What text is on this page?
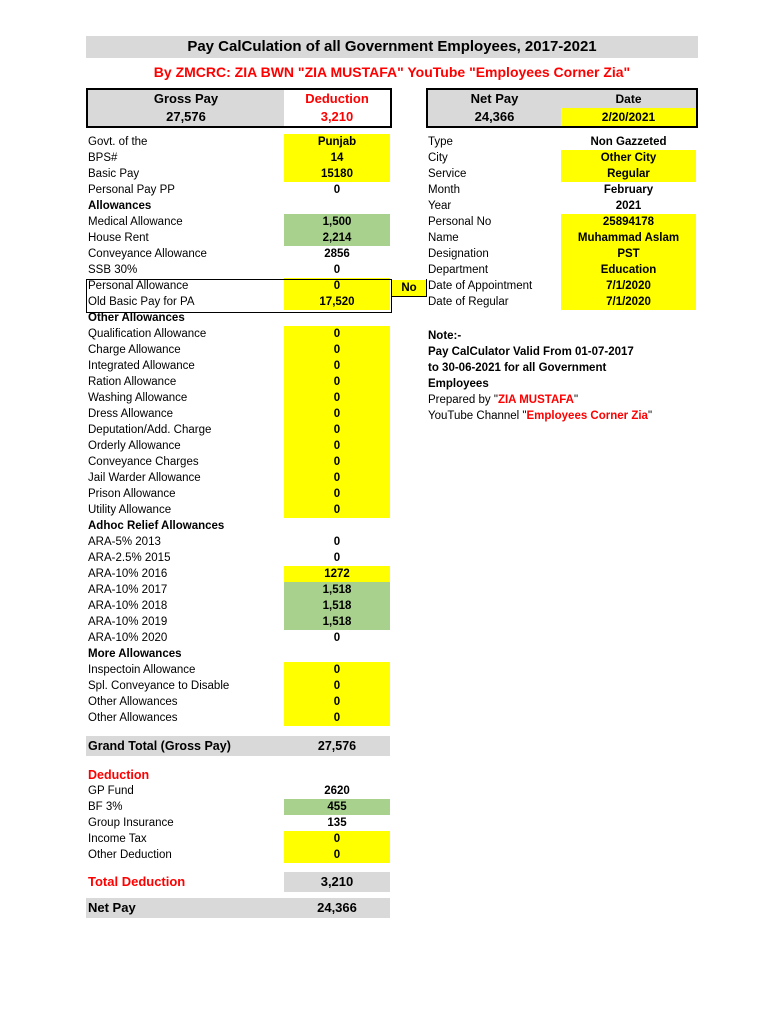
Pay CalCulation of all Government Employees, 2017-2021
By ZMCRC: ZIA BWN "ZIA MUSTAFA" YouTube "Employees Corner Zia"
Gross Pay	Deduction
27,576	3,210
Net Pay	Date
24,366	2/20/2021
Govt. of the	Punjab
BPS#	14
Basic Pay	15180
Personal Pay PP	0
Allowances
Medical Allowance	1,500
House Rent	2,214
Conveyance Allowance	2856
SSB 30%	0
Personal Allowance	0
Old Basic Pay for PA	17,520
Other Allowances
Qualification Allowance	0
Charge Allowance	0
Integrated Allowance	0
Ration Allowance	0
Washing Allowance	0
Dress Allowance	0
Deputation/Add. Charge	0
Orderly Allowance	0
Conveyance Charges	0
Jail Warder Allowance	0
Prison Allowance	0
Utility Allowance	0
Adhoc Relief Allowances
ARA-5% 2013	0
ARA-2.5% 2015	0
ARA-10% 2016	1272
ARA-10% 2017	1,518
ARA-10% 2018	1,518
ARA-10% 2019	1,518
ARA-10% 2020	0
More Allowances
Inspectoin Allowance	0
Spl. Conveyance to Disable	0
Other Allowances	0
Other Allowances	0
No
Type	Non Gazzeted
City	Other City
Service	Regular
Month	February
Year	2021
Personal No	25894178
Name	Muhammad Aslam
Designation	PST
Department	Education
Date of Appointment	7/1/2020
Date of Regular	7/1/2020
Note:-
Pay CalCulator Valid From 01-07-2017
to 30-06-2021 for all Government
Employees
Prepared by "ZIA MUSTAFA"
YouTube Channel "Employees Corner Zia"
Grand Total (Gross Pay)	27,576
Deduction
GP Fund	2620
BF 3%	455
Group Insurance	135
Income Tax	0
Other Deduction	0
Total Deduction	3,210
Net Pay	24,366
